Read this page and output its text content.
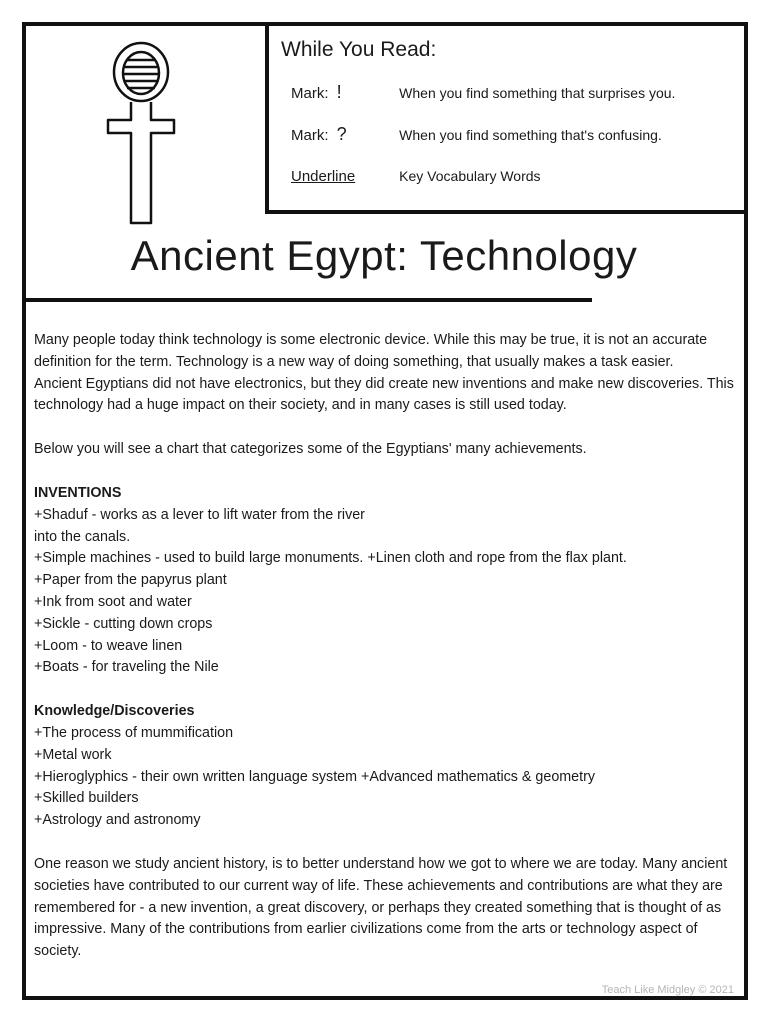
While You Read:
Mark: !	When you find something that surprises you.
Mark: ?	When you find something that's confusing.
Underline	Key Vocabulary Words
Ancient Egypt: Technology

Many people today think technology is some electronic device. While this may be true, it is not an accurate

definition for the term. Technology is a new way of doing something, that usually makes a task easier.

Ancient Egyptians did not have electronics, but they did create new inventions and make new discoveries. This

technology had a huge impact on their society, and in many cases is still used today.

Below you will see a chart that categorizes some of the Egyptians' many achievements.

INVENTIONS

+Shaduf - works as a lever to lift water from the river

into the canals.

+Simple machines - used to build large monuments. +Linen cloth and rope from the flax plant.

+Paper from the papyrus plant

+Ink from soot and water

+Sickle - cutting down crops

+Loom - to weave linen

+Boats - for traveling the Nile

Knowledge/Discoveries

+The process of mummification

+Metal work

+Hieroglyphics - their own written language system +Advanced mathematics & geometry

+Skilled builders

+Astrology and astronomy

One reason we study ancient history, is to better understand how we got to where we are today. Many ancient

societies have contributed to our current way of life. These achievements and contributions are what they are

remembered for - a new invention, a great discovery, or perhaps they created something that is thought of as

impressive. Many of the contributions from earlier civilizations come from the arts or technology aspect of society.

Teach Like Midgley © 2021
